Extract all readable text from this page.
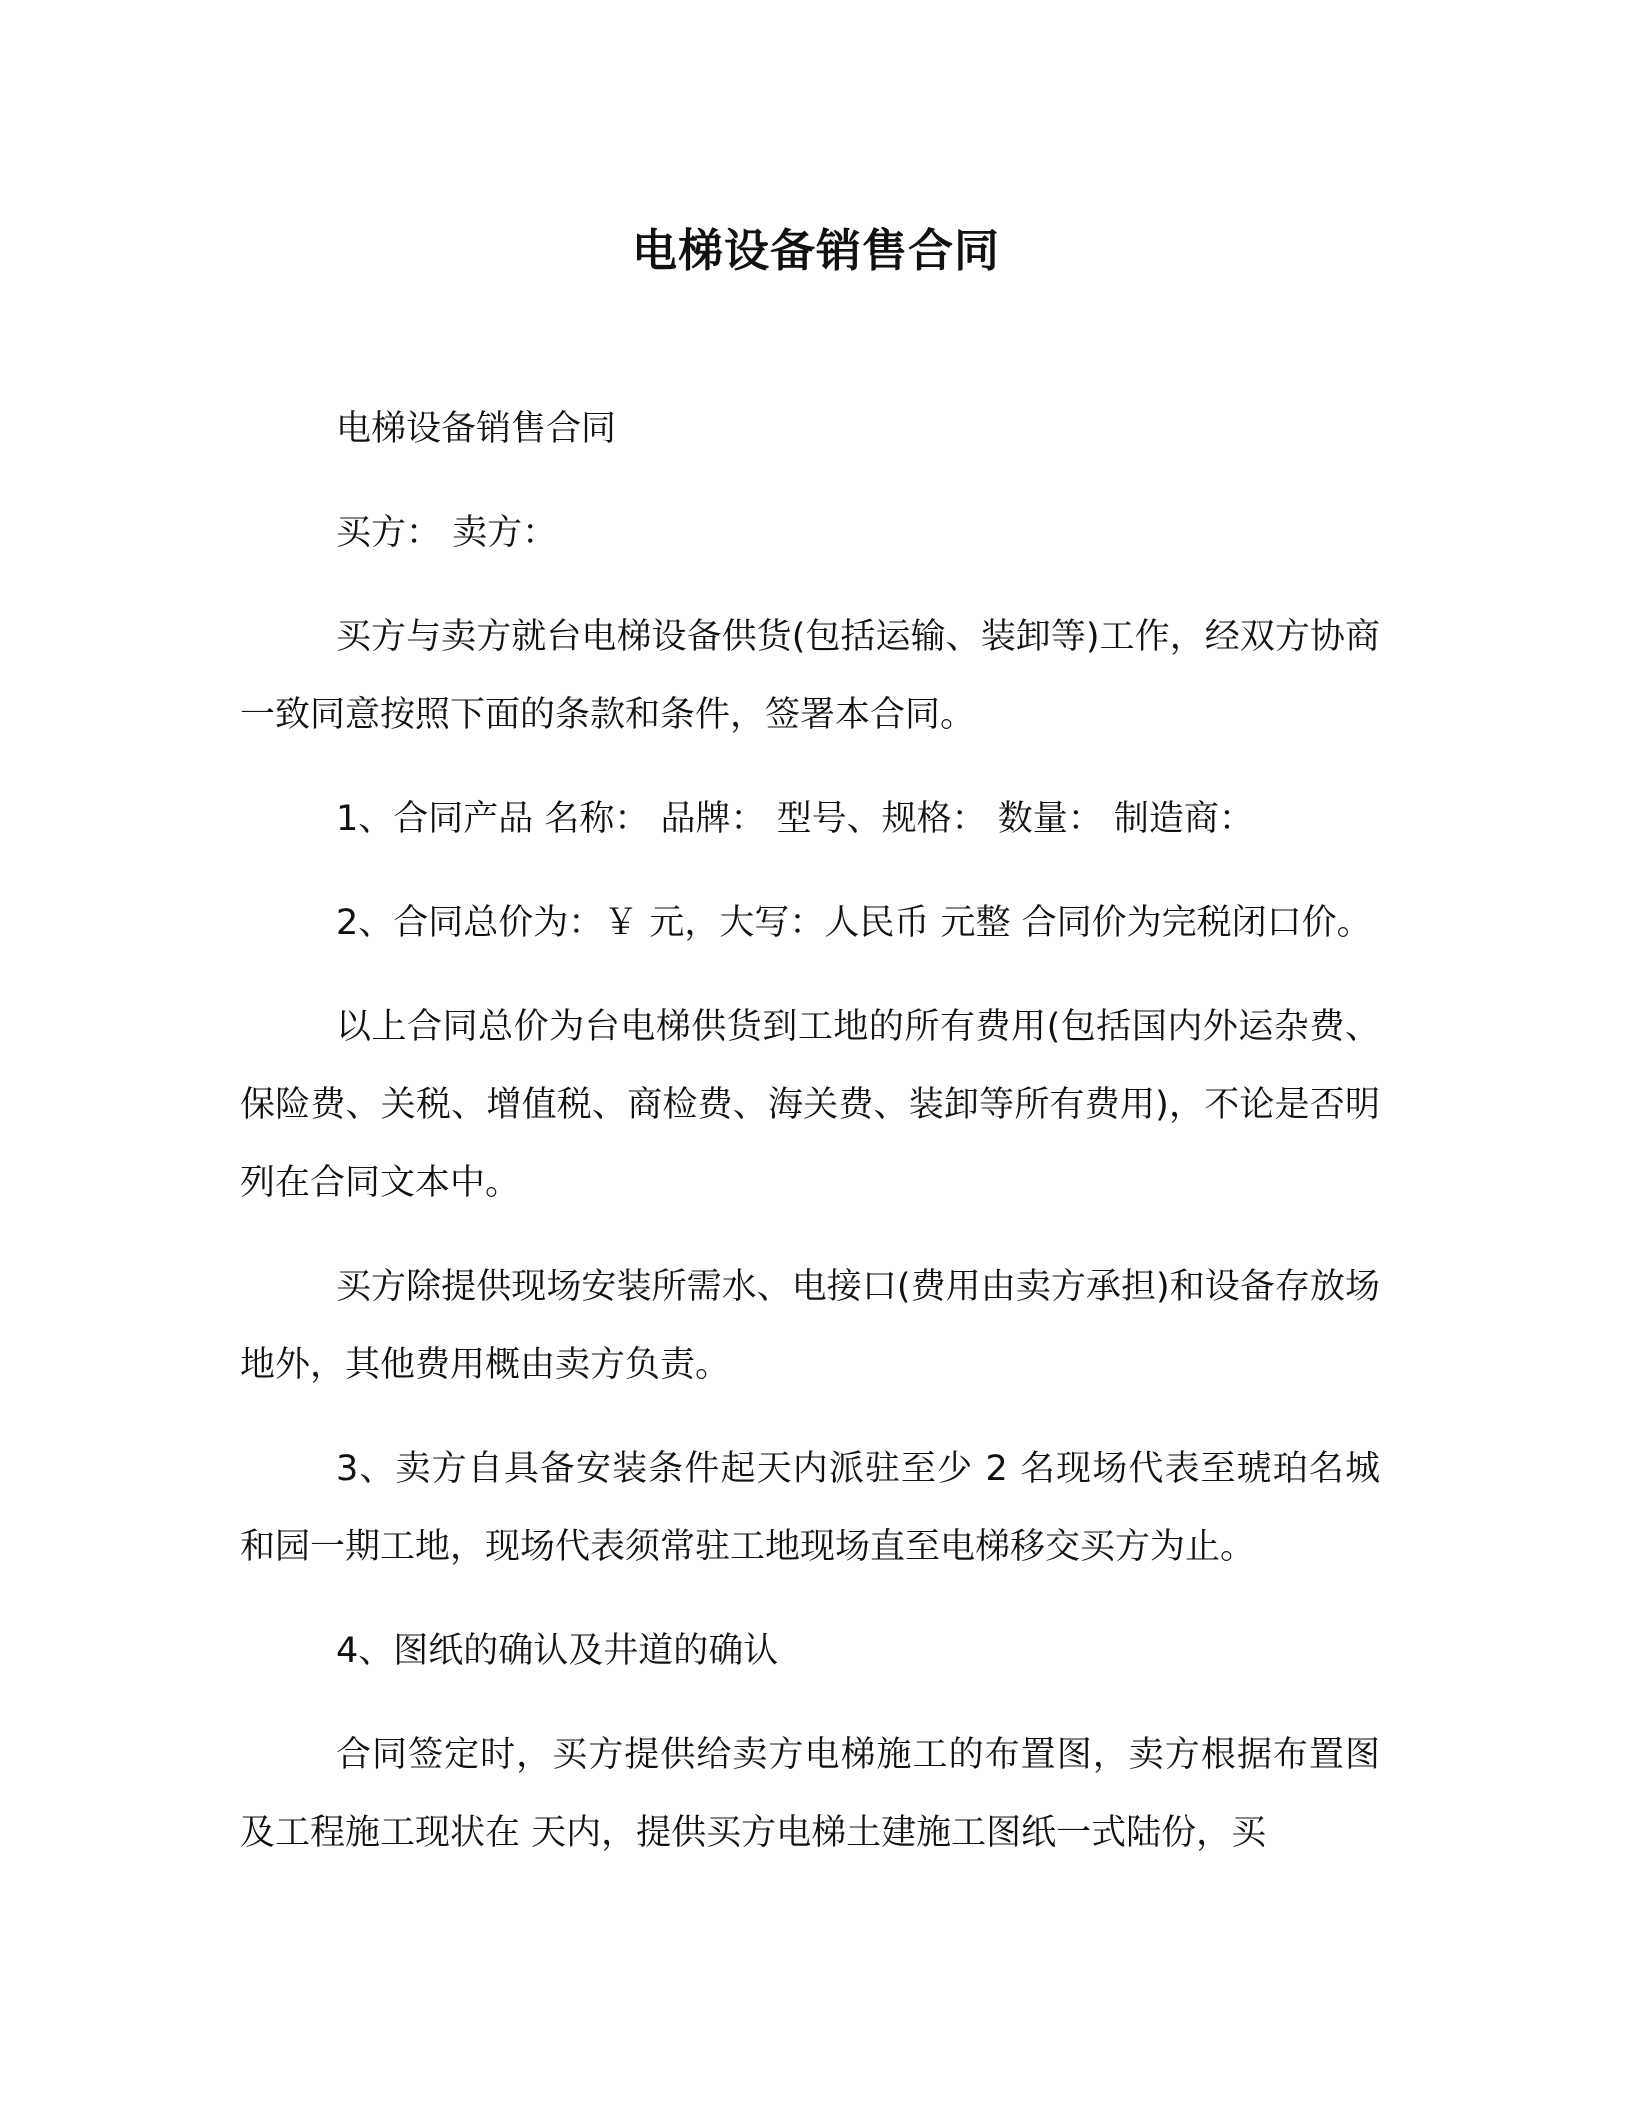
电梯设备销售合同

电梯设备销售合同

买方： 卖方：

买方与卖方就台电梯设备供货(包括运输、装卸等)工作，经双方协商一致同意按照下面的条款和条件，签署本合同。

1、合同产品 名称： 品牌： 型号、规格： 数量： 制造商：

2、合同总价为：￥ 元，大写：人民币 元整 合同价为完税闭口价。

以上合同总价为台电梯供货到工地的所有费用(包括国内外运杂费、保险费、关税、增值税、商检费、海关费、装卸等所有费用)，不论是否明列在合同文本中。

买方除提供现场安装所需水、电接口(费用由卖方承担)和设备存放场地外，其他费用概由卖方负责。

3、卖方自具备安装条件起天内派驻至少 2 名现场代表至琥珀名城和园一期工地，现场代表须常驻工地现场直至电梯移交买方为止。

4、图纸的确认及井道的确认

合同签定时，买方提供给卖方电梯施工的布置图，卖方根据布置图及工程施工现状在 天内，提供买方电梯土建施工图纸一式陆份，买
